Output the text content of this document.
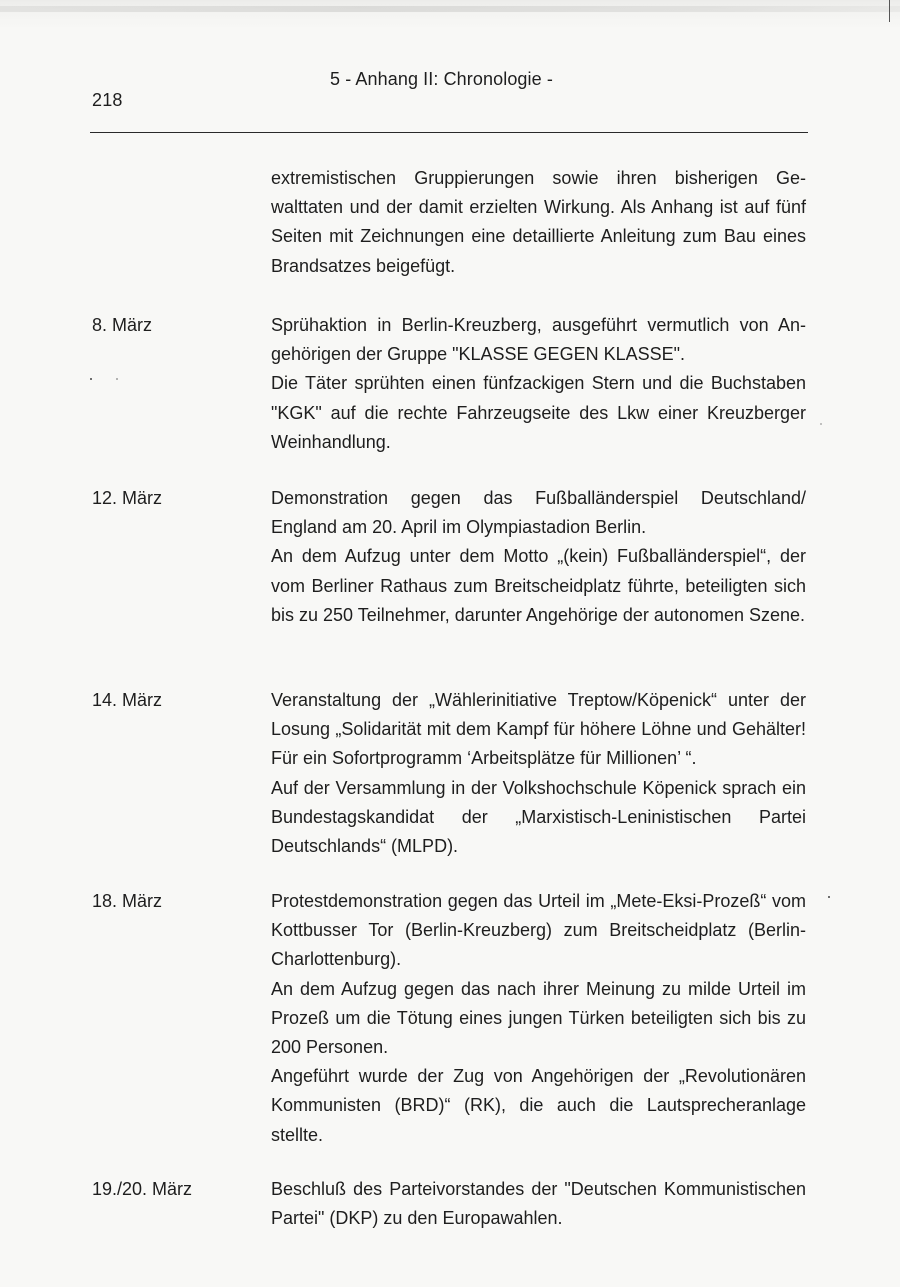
218
5 - Anhang II: Chronologie -
extremistischen Gruppierungen sowie ihren bisherigen Gewalttaten und der damit erzielten Wirkung. Als Anhang ist auf fünf Seiten mit Zeichnungen eine detaillierte Anleitung zum Bau eines Brandsatzes beigefügt.
8. März	Sprühaktion in Berlin-Kreuzberg, ausgeführt vermutlich von Angehörigen der Gruppe "KLASSE GEGEN KLASSE".
Die Täter sprühten einen fünfzackigen Stern und die Buchstaben "KGK" auf die rechte Fahrzeugseite des Lkw einer Kreuzberger Weinhandlung.
12. März	Demonstration gegen das Fußballänderspiel Deutschland/ England am 20. April im Olympiastadion Berlin.
An dem Aufzug unter dem Motto „(kein) Fußballänderspiel“, der vom Berliner Rathaus zum Breitscheidplatz führte, beteiligten sich bis zu 250 Teilnehmer, darunter Angehörige der autonomen Szene.
14. März	Veranstaltung der „Wählerinitiative Treptow/Köpenick“ unter der Losung „Solidarität mit dem Kampf für höhere Löhne und Gehälter! Für ein Sofortprogramm ‘Arbeitsplätze für Millionen’ “.
Auf der Versammlung in der Volkshochschule Köpenick sprach ein Bundestagskandidat der „Marxistisch-Leninistischen Partei Deutschlands“ (MLPD).
18. März	Protestdemonstration gegen das Urteil im „Mete-Eksi-Prozeß“ vom Kottbusser Tor (Berlin-Kreuzberg) zum Breitscheidplatz (Berlin-Charlottenburg).
An dem Aufzug gegen das nach ihrer Meinung zu milde Urteil im Prozeß um die Tötung eines jungen Türken beteiligten sich bis zu 200 Personen.
Angeführt wurde der Zug von Angehörigen der „Revolutionären Kommunisten (BRD)“ (RK), die auch die Lautsprecheranlage stellte.
19./20. März	Beschluß des Parteivorstandes der "Deutschen Kommunistischen Partei" (DKP) zu den Europawahlen.
